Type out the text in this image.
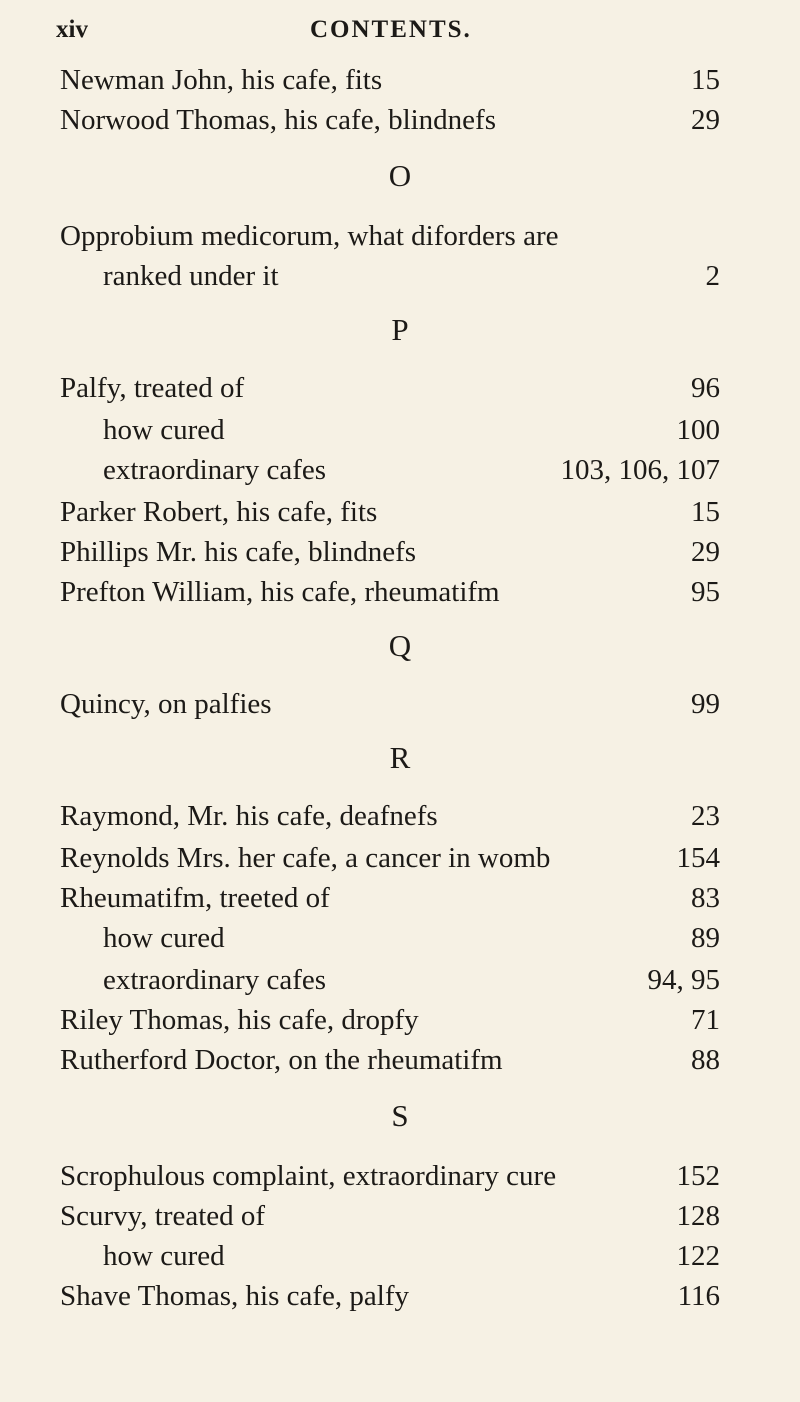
xiv	CONTENTS.
Newman John, his cafe, fits	15
Norwood Thomas, his cafe, blindnefs	29
O
Opprobium medicorum, what diforders are
ranked under it	2
P
Palfy, treated of	96
how cured	100
extraordinary cafes	103, 106, 107
Parker Robert, his cafe, fits	15
Phillips Mr. his cafe, blindnefs	29
Prefton William, his cafe, rheumatifm	95
Q
Quincy, on palfies	99
R
Raymond, Mr. his cafe, deafnefs	23
Reynolds Mrs. her cafe, a cancer in womb	154
Rheumatifm, treeted of	83
how cured	89
extraordinary cafes	94, 95
Riley Thomas, his cafe, dropfy	71
Rutherford Doctor, on the rheumatifm	88
S
Scrophulous complaint, extraordinary cure	152
Scurvy, treated of	128
how cured	122
Shave Thomas, his cafe, palfy	116
